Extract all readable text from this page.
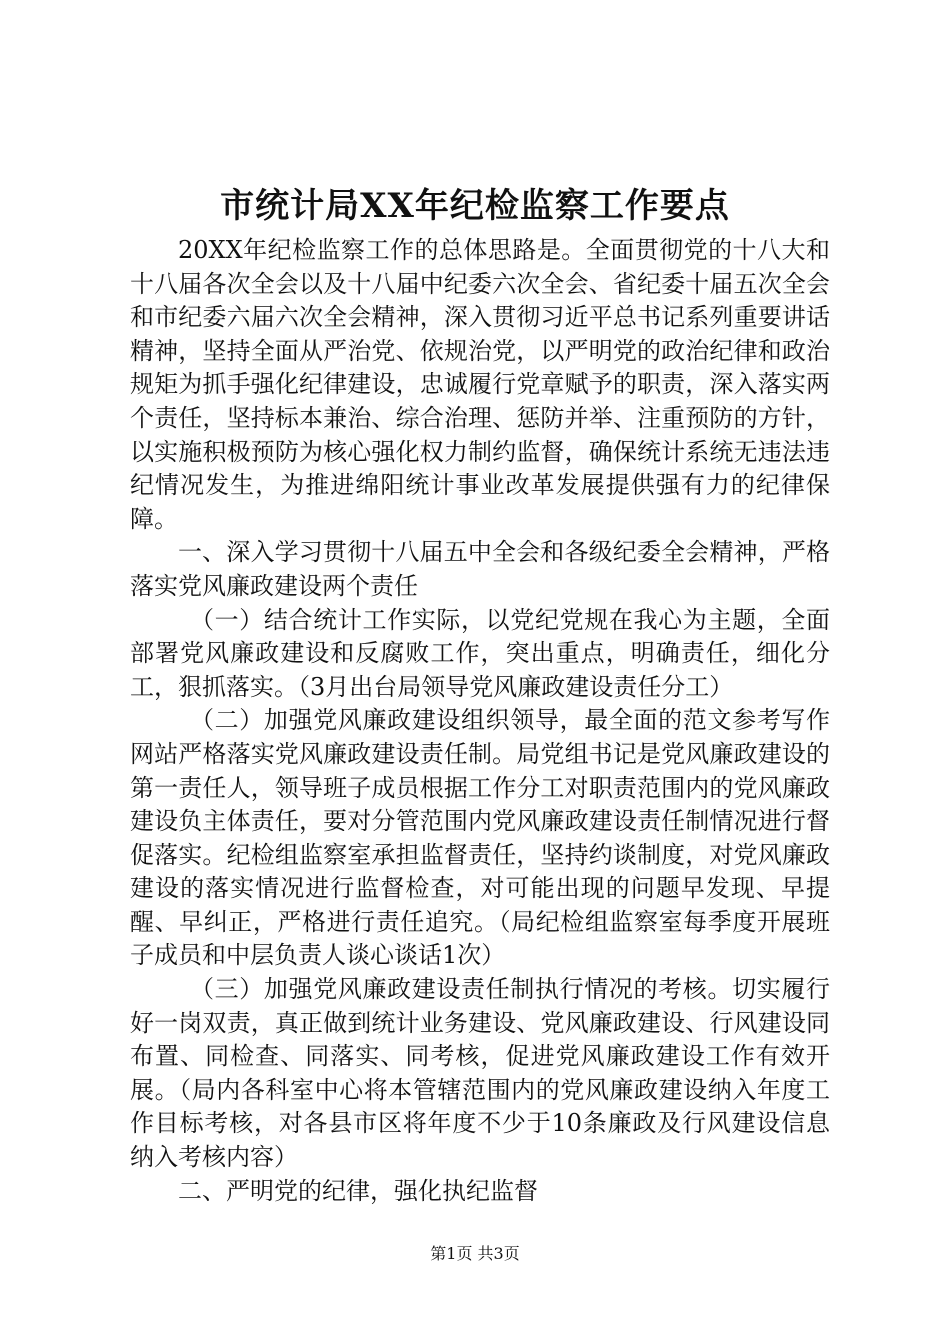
市统计局XX年纪检监察工作要点

20XX年纪检监察工作的总体思路是。全面贯彻党的十八大和十八届各次全会以及十八届中纪委六次全会、省纪委十届五次全会和市纪委六届六次全会精神，深入贯彻习近平总书记系列重要讲话精神，坚持全面从严治党、依规治党，以严明党的政治纪律和政治规矩为抓手强化纪律建设，忠诚履行党章赋予的职责，深入落实两个责任，坚持标本兼治、综合治理、惩防并举、注重预防的方针，以实施积极预防为核心强化权力制约监督，确保统计系统无违法违纪情况发生，为推进绵阳统计事业改革发展提供强有力的纪律保障。

一、深入学习贯彻十八届五中全会和各级纪委全会精神，严格落实党风廉政建设两个责任

（一）结合统计工作实际，以党纪党规在我心为主题，全面部署党风廉政建设和反腐败工作，突出重点，明确责任，细化分工，狠抓落实。（3月出台局领导党风廉政建设责任分工）

（二）加强党风廉政建设组织领导，最全面的范文参考写作网站严格落实党风廉政建设责任制。局党组书记是党风廉政建设的第一责任人，领导班子成员根据工作分工对职责范围内的党风廉政建设负主体责任，要对分管范围内党风廉政建设责任制情况进行督促落实。纪检组监察室承担监督责任，坚持约谈制度，对党风廉政建设的落实情况进行监督检查，对可能出现的问题早发现、早提醒、早纠正，严格进行责任追究。（局纪检组监察室每季度开展班子成员和中层负责人谈心谈话1次）

（三）加强党风廉政建设责任制执行情况的考核。切实履行好一岗双责，真正做到统计业务建设、党风廉政建设、行风建设同布置、同检查、同落实、同考核，促进党风廉政建设工作有效开展。（局内各科室中心将本管辖范围内的党风廉政建设纳入年度工作目标考核，对各县市区将年度不少于10条廉政及行风建设信息纳入考核内容）

二、严明党的纪律，强化执纪监督

第1页 共3页
